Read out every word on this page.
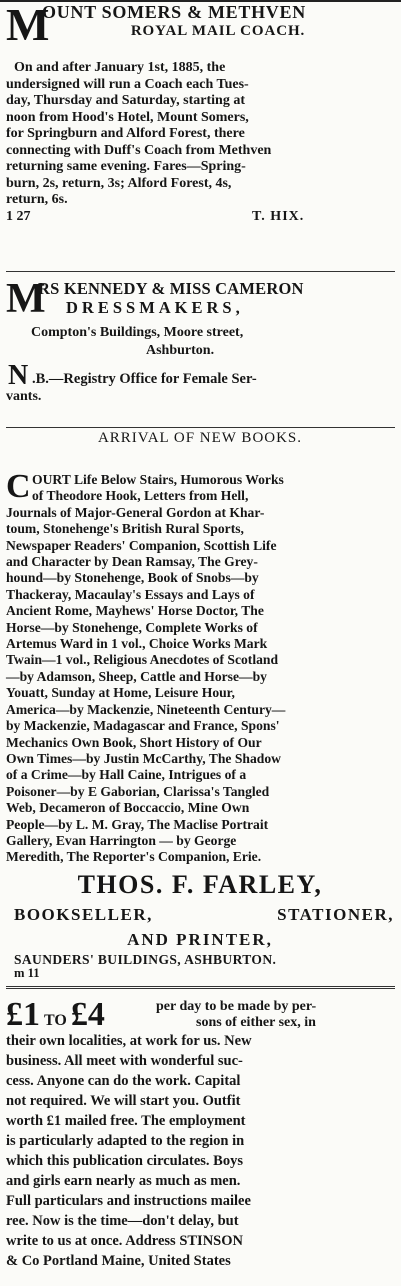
M
OUNT SOMERS & METHVEN
ROYAL MAIL COACH.
On and after January 1st, 1885, the
undersigned will run a Coach each Tues-
day, Thursday and Saturday, starting at
noon from Hood's Hotel, Mount Somers,
for Springburn and Alford Forest, there
connecting with Duff's Coach from Methven
returning same evening. Fares—Spring-
burn, 2s, return, 3s; Alford Forest, 4s,
return, 6s.
1 27	T. HIX.
M
RS KENNEDY & MISS CAMERON
DRESSMAKERS,
Compton's Buildings, Moore street,
Ashburton.
N .B.—Registry Office for Female Ser-
vants.
ARRIVAL OF NEW BOOKS.
C OURT Life Below Stairs, Humorous Works
of Theodore Hook, Letters from Hell,
Journals of Major-General Gordon at Khar-
toum, Stonehenge's British Rural Sports,
Newspaper Readers' Companion, Scottish Life
and Character by Dean Ramsay, The Grey-
hound—by Stonehenge, Book of Snobs—by
Thackeray, Macaulay's Essays and Lays of
Ancient Rome, Mayhews' Horse Doctor, The
Horse—by Stonehenge, Complete Works of
Artemus Ward in 1 vol., Choice Works Mark
Twain—1 vol., Religious Anecdotes of Scotland
—by Adamson, Sheep, Cattle and Horse—by
Youatt, Sunday at Home, Leisure Hour,
America—by Mackenzie, Nineteenth Century—
by Mackenzie, Madagascar and France, Spons'
Mechanics Own Book, Short History of Our
Own Times—by Justin McCarthy, The Shadow
of a Crime—by Hall Caine, Intrigues of a
Poisoner—by E Gaborian, Clarissa's Tangled
Web, Decameron of Boccaccio, Mine Own
People—by L. M. Gray, The Maclise Portrait
Gallery, Evan Harrington — by George
Meredith, The Reporter's Companion, Erie.
THOS. F. FARLEY,
BOOKSELLER,	STATIONER,
AND PRINTER,
SAUNDERS' BUILDINGS, ASHBURTON.
m 11
£1 TO £4	per day to be made by per-
sons of either sex, in
their own localities, at work for us. New
business. All meet with wonderful suc-
cess. Anyone can do the work. Capital
not required. We will start you. Outfit
worth £1 mailed free. The employment
is particularly adapted to the region in
which this publication circulates. Boys
and girls earn nearly as much as men.
Full particulars and instructions mailee
ree. Now is the time—don't delay, but
write to us at once. Address STINSON
& Co Portland Maine, United States
